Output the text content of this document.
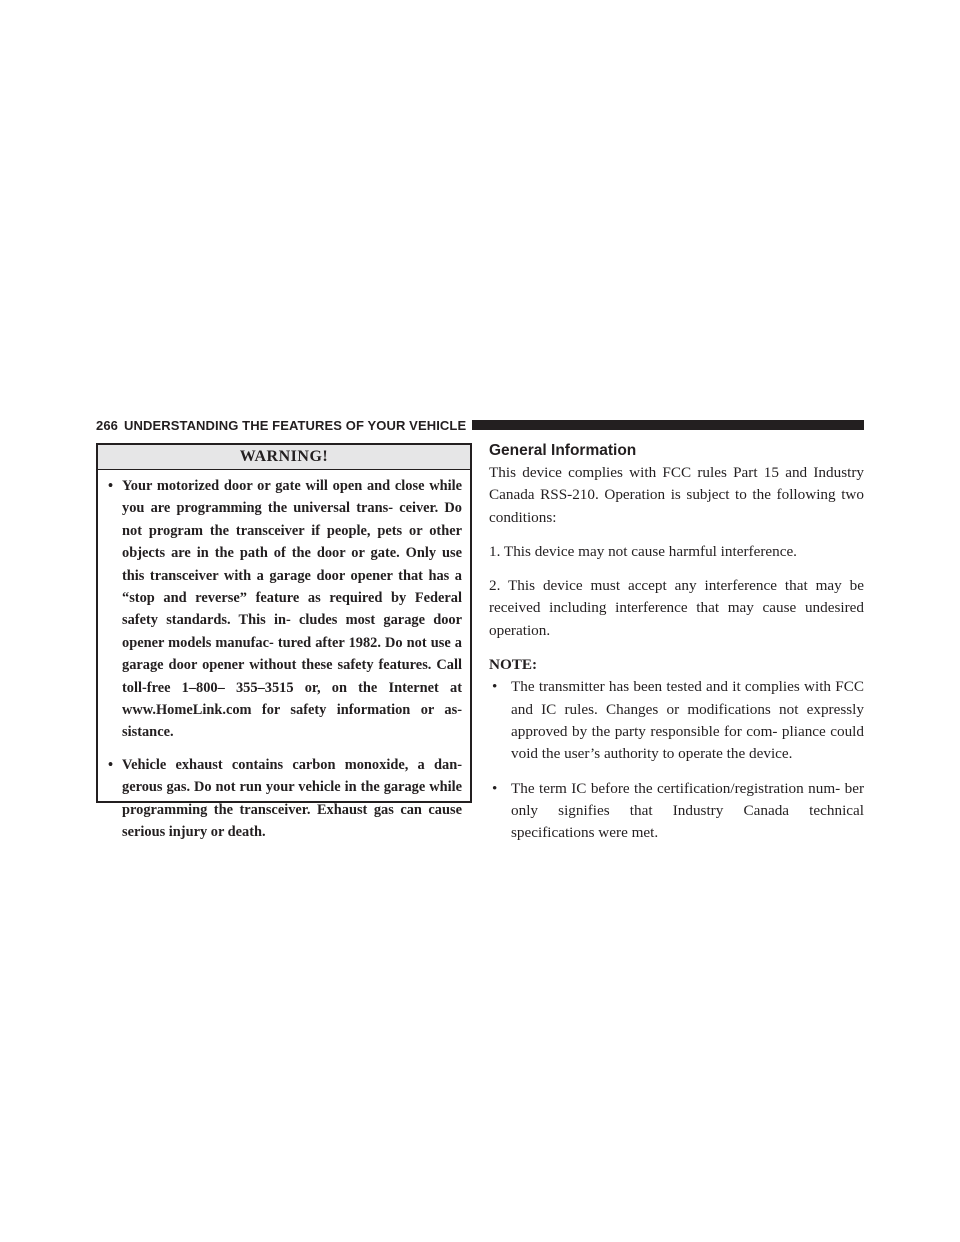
266 UNDERSTANDING THE FEATURES OF YOUR VEHICLE
WARNING!
• Your motorized door or gate will open and close while you are programming the universal trans- ceiver. Do not program the transceiver if people, pets or other objects are in the path of the door or gate. Only use this transceiver with a garage door opener that has a “stop and reverse” feature as required by Federal safety standards. This in- cludes most garage door opener models manufac- tured after 1982. Do not use a garage door opener without these safety features. Call toll-free 1–800– 355–3515 or, on the Internet at www.HomeLink.com for safety information or as- sistance.
• Vehicle exhaust contains carbon monoxide, a dan- gerous gas. Do not run your vehicle in the garage while programming the transceiver. Exhaust gas can cause serious injury or death.
General Information

This device complies with FCC rules Part 15 and Industry Canada RSS-210. Operation is subject to the following two conditions:

1. This device may not cause harmful interference.

2. This device must accept any interference that may be received including interference that may cause undesired operation.

NOTE:

• The transmitter has been tested and it complies with FCC and IC rules. Changes or modifications not expressly approved by the party responsible for com- pliance could void the user’s authority to operate the device.
• The term IC before the certification/registration num- ber only signifies that Industry Canada technical specifications were met.
